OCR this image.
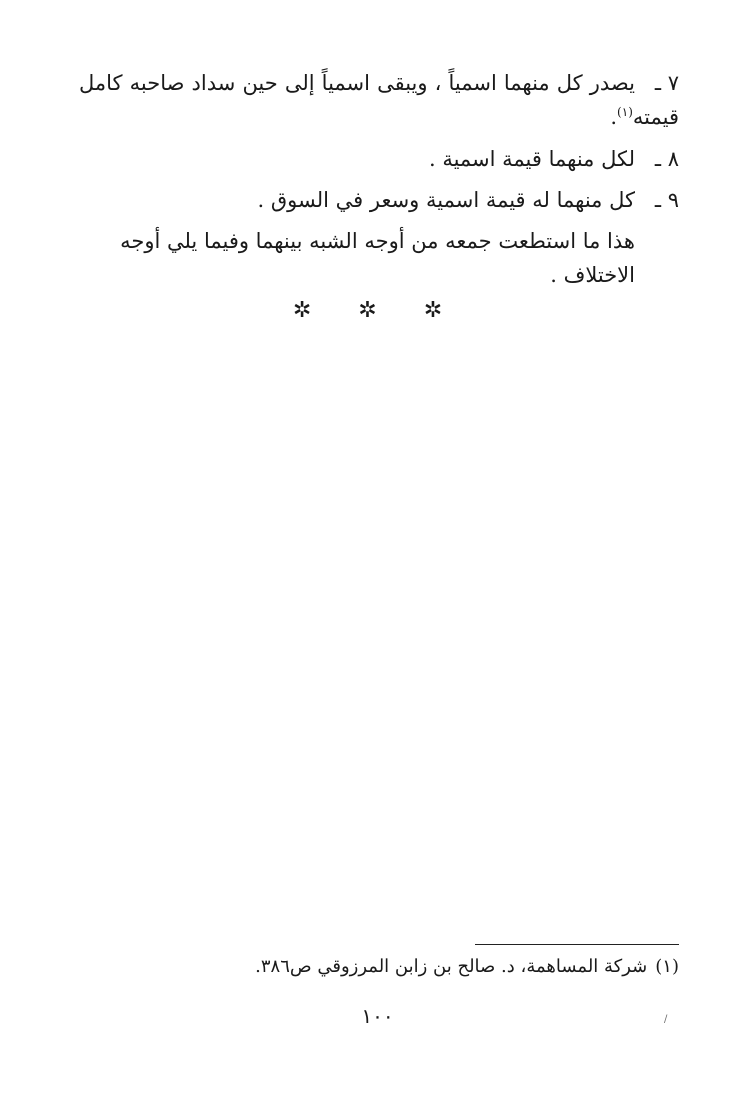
٧ ـيصدر كل منهما اسمياً ، ويبقى اسمياً إلى حين سداد صاحبه كامل قيمته$^{(١)}$.
٨ ـلكل منهما قيمة اسمية .
٩ ـكل منهما له قيمة اسمية وسعر في السوق .
هذا ما استطعت جمعه من أوجه الشبه بينهما وفيما يلي أوجه الاختلاف .
✲ ✲ ✲
(١)شركة المساهمة، د. صالح بن زابن المرزوقي ص٣٨٦.
١٠٠	/
